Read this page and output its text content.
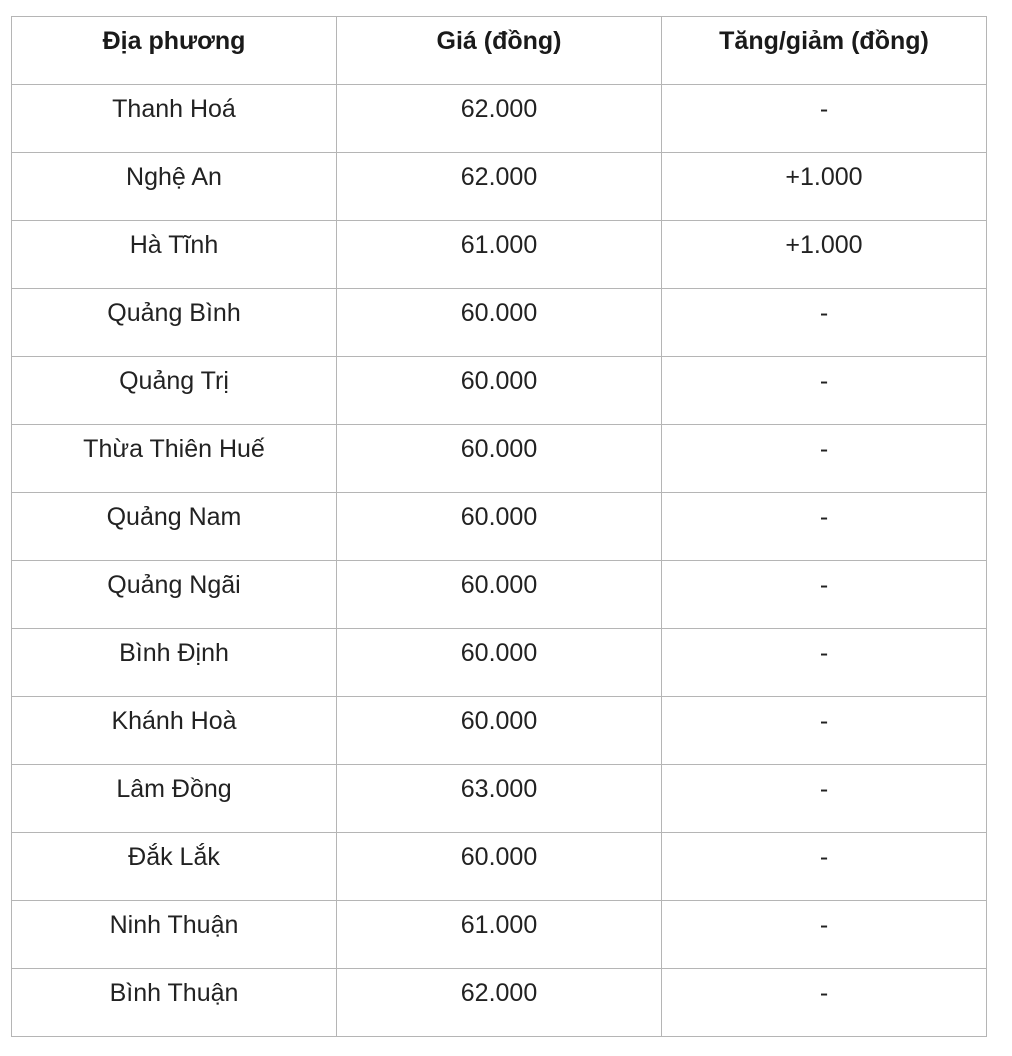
Địa phương	Giá (đồng)	Tăng/giảm (đồng)

Thanh Hoá	62.000	-

Nghệ An	62.000	+1.000

Hà Tĩnh	61.000	+1.000

Quảng Bình	60.000	-

Quảng Trị	60.000	-

Thừa Thiên Huế	60.000	-

Quảng Nam	60.000	-

Quảng Ngãi	60.000	-

Bình Định	60.000	-

Khánh Hoà	60.000	-

Lâm Đồng	63.000	-

Đắk Lắk	60.000	-

Ninh Thuận	61.000	-

Bình Thuận	62.000	-
